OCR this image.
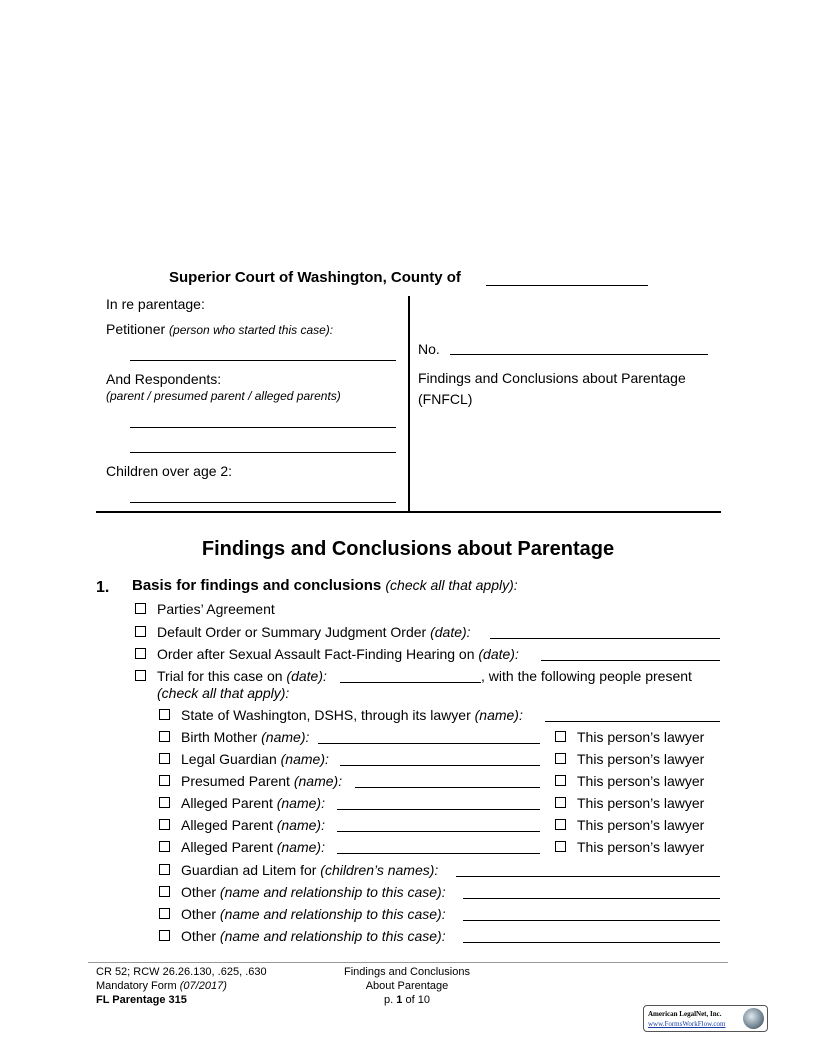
Superior Court of Washington, County of
In re parentage:
Petitioner (person who started this case):
And Respondents:
(parent / presumed parent / alleged parents)
Children over age 2:
No.
Findings and Conclusions about Parentage
(FNFCL)
Findings and Conclusions about Parentage
1. Basis for findings and conclusions (check all that apply):
Parties’ Agreement
Default Order or Summary Judgment Order (date):
Order after Sexual Assault Fact-Finding Hearing on (date):
Trial for this case on (date):	, with the following people present
(check all that apply):
State of Washington, DSHS, through its lawyer (name):
Birth Mother (name):	This person’s lawyer
Legal Guardian (name):	This person’s lawyer
Presumed Parent (name):	This person’s lawyer
Alleged Parent (name):	This person’s lawyer
Alleged Parent (name):	This person’s lawyer
Alleged Parent (name):	This person’s lawyer
Guardian ad Litem for (children’s names):
Other (name and relationship to this case):
Other (name and relationship to this case):
Other (name and relationship to this case):
CR 52; RCW 26.26.130, .625, .630
Mandatory Form (07/2017)
FL Parentage 315
Findings and Conclusions
About Parentage
p. 1 of 10
American LegalNet, Inc.
www.FormsWorkFlow.com
